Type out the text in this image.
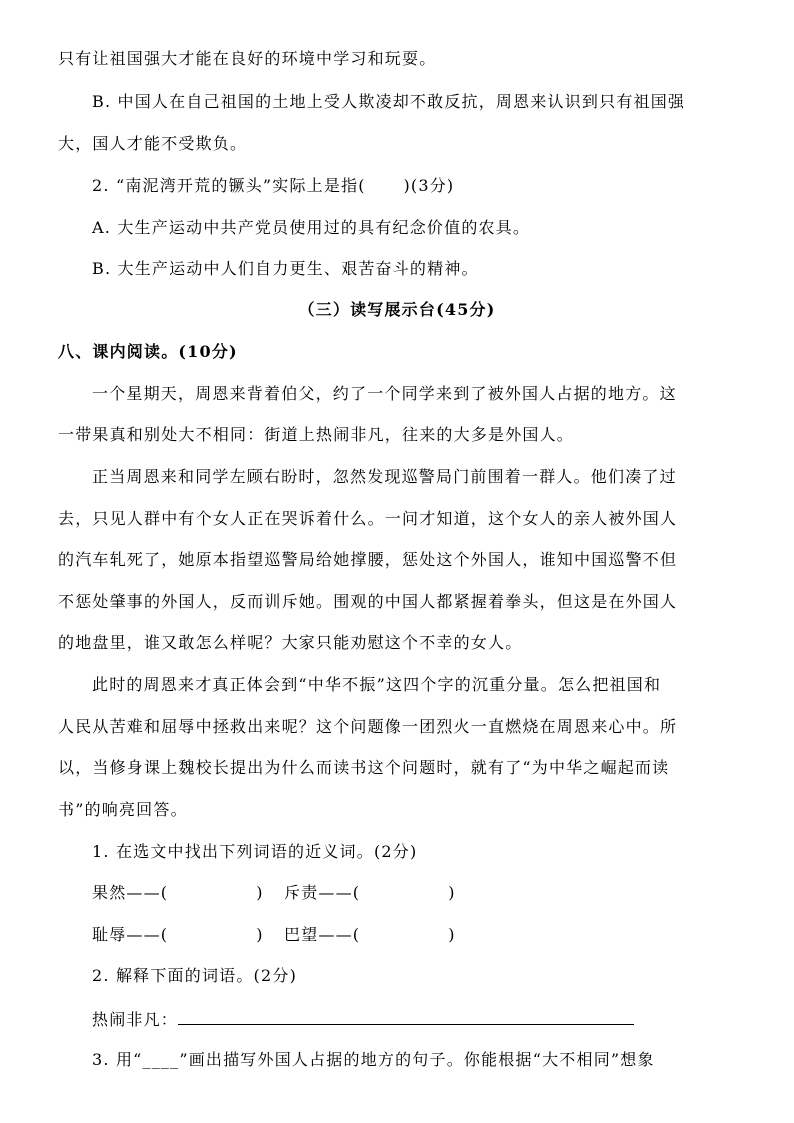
只有让祖国强大才能在良好的环境中学习和玩耍。
B. 中国人在自己祖国的土地上受人欺凌却不敢反抗，周恩来认识到只有祖国强
大，国人才能不受欺负。
2. “南泥湾开荒的镢头”实际上是指(      )(3分)
A. 大生产运动中共产党员使用过的具有纪念价值的农具。
B. 大生产运动中人们自力更生、艰苦奋斗的精神。
（三）读写展示台(45分)
八、课内阅读。(10分)
一个星期天，周恩来背着伯父，约了一个同学来到了被外国人占据的地方。这
一带果真和别处大不相同：街道上热闹非凡，往来的大多是外国人。
正当周恩来和同学左顾右盼时，忽然发现巡警局门前围着一群人。他们凑了过
去，只见人群中有个女人正在哭诉着什么。一问才知道，这个女人的亲人被外国人
的汽车轧死了，她原本指望巡警局给她撑腰，惩处这个外国人，谁知中国巡警不但
不惩处肇事的外国人，反而训斥她。围观的中国人都紧握着拳头，但这是在外国人
的地盘里，谁又敢怎么样呢？大家只能劝慰这个不幸的女人。
此时的周恩来才真正体会到“中华不振”这四个字的沉重分量。怎么把祖国和
人民从苦难和屈辱中拯救出来呢？这个问题像一团烈火一直燃烧在周恩来心中。所
以，当修身课上魏校长提出为什么而读书这个问题时，就有了“为中华之崛起而读
书”的响亮回答。
1. 在选文中找出下列词语的近义词。(2分)
果然——(              )	斥责——(              )
耻辱——(              )	巴望——(              )
2. 解释下面的词语。(2分)
热闹非凡：
3. 用“____”画出描写外国人占据的地方的句子。你能根据“大不相同”想象
